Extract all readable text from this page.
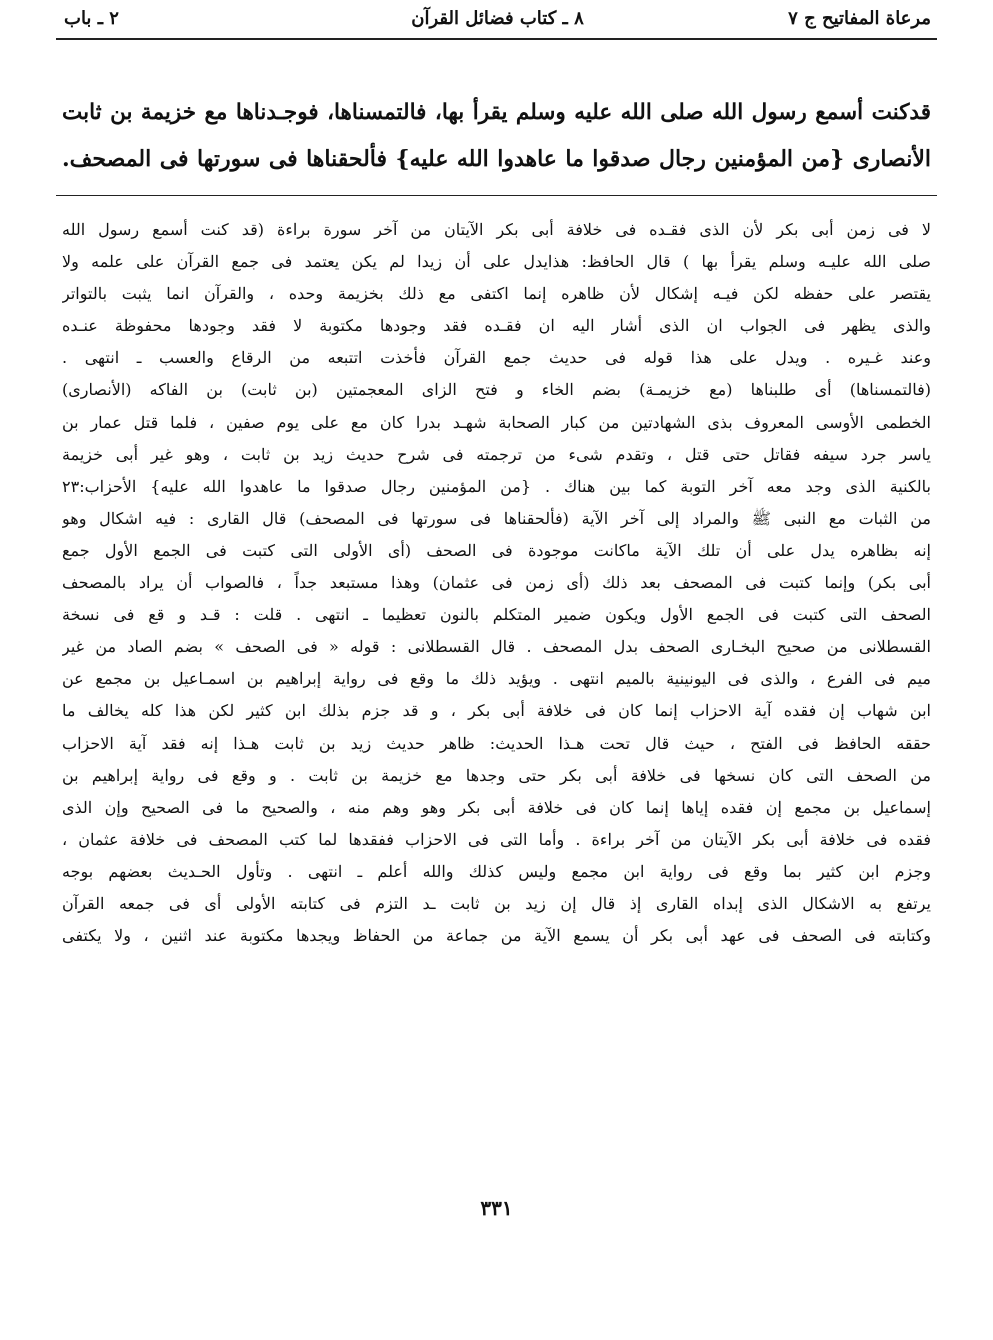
مرعاة المفاتيح ج ٧
٨ ـ كتاب فضائل القرآن
٢ ـ باب
قدكنت أسمع رسول الله صلى الله عليه وسلم يقرأ بها، فالتمسناها، فوجـدناها مع خزيمة بن ثابت
الأنصارى {من المؤمنين رجال صدقوا ما عاهدوا الله عليه} فألحقناها فى سورتها فى المصحف.
لا فى زمن أبى بكر لأن الذى فقـده فى خلافة أبى بكر الآيتان من آخر سورة براءة (قد كنت أسمع رسول الله
صلى الله عليـه وسلم يقرأ بها ) قال الحافظ: هذايدل على أن زيدا لم يكن يعتمد فى جمع القرآن على علمه ولا
يقتصر على حفظه لكن فيـه إشكال لأن ظاهره إنما اكتفى مع ذلك بخزيمة وحده ، والقرآن انما يثبت بالتواتر
والذى يظهر فى الجواب ان الذى أشار اليه ان فقـده فقد وجودها مكتوبة لا فقد وجودها محفوظة عنـده
وعند غـيره . ويدل على هذا قوله فى حديث جمع القرآن فأخذت اتتبعه من الرقاع والعسب ـ انتهى .
(فالتمسناها) أى طلبناها (مع خزيمـة) بضم الخاء و فتح الزاى المعجمتين (بن ثابت) بن الفاكه (الأنصارى)
الخطمى الأوسى المعروف بذى الشهادتين من كبار الصحابة شهـد بدرا كان مع على يوم صفين ، فلما قتل عمار بن
ياسر جرد سيفه فقاتل حتى قتل ، وتقدم شىء من ترجمته فى شرح حديث زيد بن ثابت ، وهو غير أبى خزيمة
بالكنية الذى وجد معه آخر التوبة كما بين هناك . {من المؤمنين رجال صدقوا ما عاهدوا الله عليه} الأحزاب:٢٣
من الثبات مع النبى ﷺ والمراد إلى آخر الآية (فألحقناها فى سورتها فى المصحف) قال القارى : فيه اشكال وهو
إنه بظاهره يدل على أن تلك الآية ماكانت موجودة فى الصحف (أى الأولى التى كتبت فى الجمع الأول جمع
أبى بكر) وإنما كتبت فى المصحف بعد ذلك (أى زمن فى عثمان) وهذا مستبعد جداً ، فالصواب أن يراد بالمصحف
الصحف التى كتبت فى الجمع الأول ويكون ضمير المتكلم بالنون تعظيما ـ انتهى . قلت : قـد و قع فى نسخة
القسطلانى من صحيح البخـارى الصحف بدل المصحف . قال القسطلانى : قوله « فى الصحف » بضم الصاد من غير
ميم فى الفرع ، والذى فى اليونينية بالميم انتهى . ويؤيد ذلك ما وقع فى رواية إبراهيم بن اسمـاعيل بن مجمع عن
ابن شهاب إن فقده آية الاحزاب إنما كان فى خلافة أبى بكر ، و قد جزم بذلك ابن كثير لكن هذا كله يخالف ما
حققه الحافظ فى الفتح ، حيث قال تحت هـذا الحديث: ظاهر حديث زيد بن ثابت هـذا إنه فقد آية الاحزاب
من الصحف التى كان نسخها فى خلافة أبى بكر حتى وجدها مع خزيمة بن ثابت . و وقع فى رواية إبراهيم بن
إسماعيل بن مجمع إن فقده إياها إنما كان فى خلافة أبى بكر وهو وهم منه ، والصحيح ما فى الصحيح وإن الذى
فقده فى خلافة أبى بكر الآيتان من آخر براءة . وأما التى فى الاحزاب ففقدها لما كتب المصحف فى خلافة عثمان ،
وجزم ابن كثير بما وقع فى رواية ابن مجمع وليس كذلك والله أعلم ـ انتهى . وتأول الحـديث بعضهم بوجه
يرتفع به الاشكال الذى إبداه القارى إذ قال إن زيد بن ثابت ـد التزم فى كتابته الأولى أى فى جمعه القرآن
وكتابته فى الصحف فى عهد أبى بكر أن يسمع الآية من جماعة من الحفاظ ويجدها مكتوبة عند اثنين ، ولا يكتفى
٣٣١
